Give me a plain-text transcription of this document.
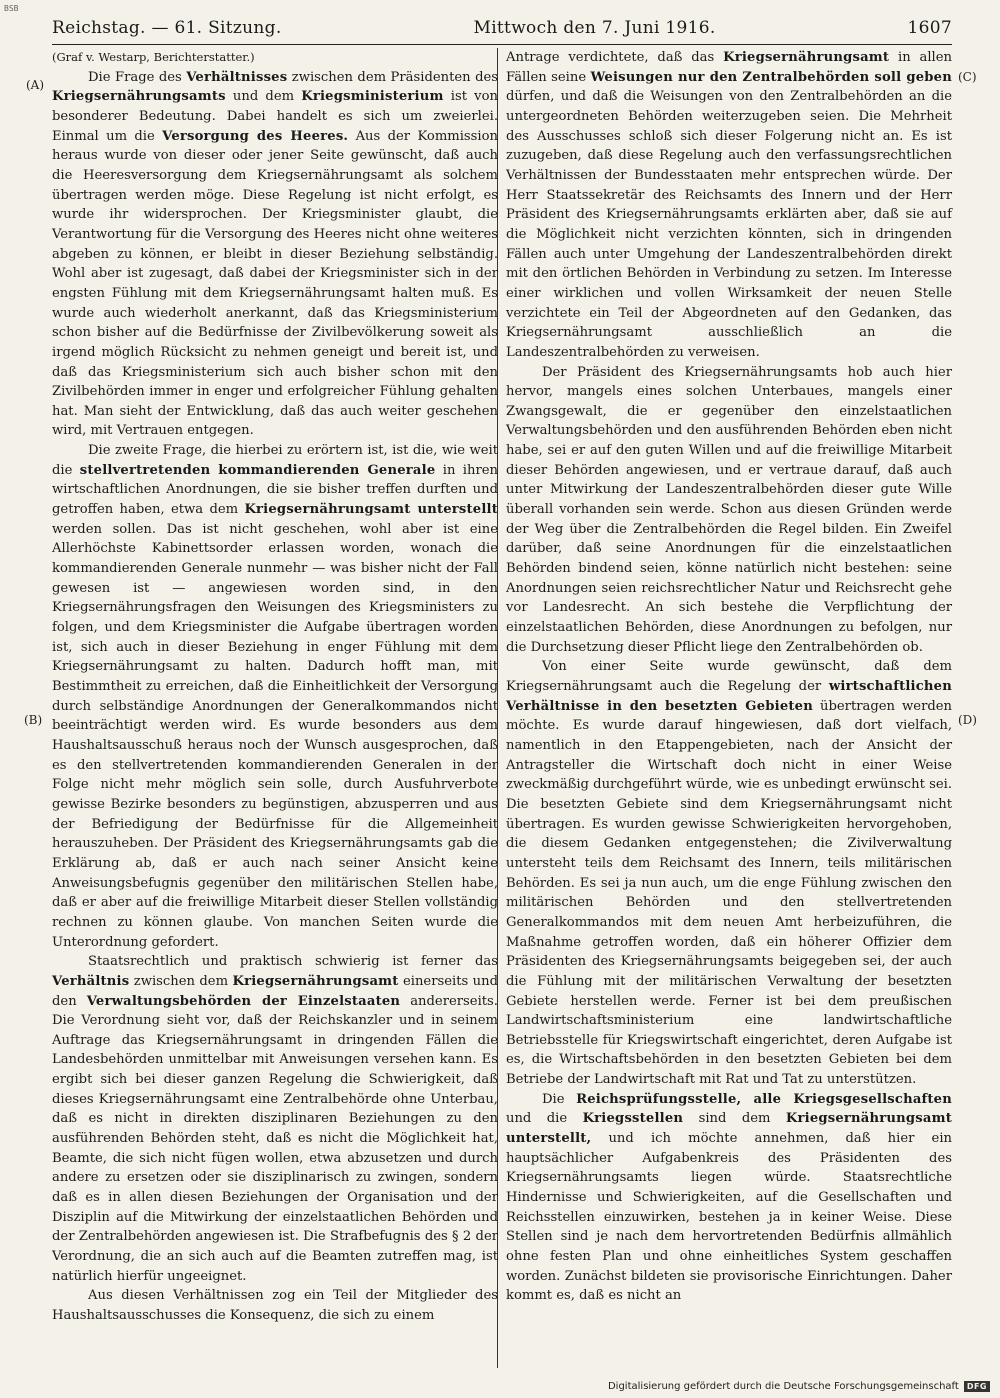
BSB
Reichstag. — 61. Sitzung.	Mittwoch den 7. Juni 1916.	1607
(A)
(B)
(C)
(D)

(Graf v. Westarp, Berichterstatter.)

Die Frage des Verhältnisses zwischen dem Präsidenten des Kriegsernährungsamts und dem Kriegsministerium ist von besonderer Bedeutung. Dabei handelt es sich um zweierlei. Einmal um die Versorgung des Heeres. Aus der Kommission heraus wurde von dieser oder jener Seite gewünscht, daß auch die Heeresversorgung dem Kriegsernährungsamt als solchem übertragen werden möge. Diese Regelung ist nicht erfolgt, es wurde ihr widersprochen. Der Kriegsminister glaubt, die Verantwortung für die Versorgung des Heeres nicht ohne weiteres abgeben zu können, er bleibt in dieser Beziehung selbständig. Wohl aber ist zugesagt, daß dabei der Kriegsminister sich in der engsten Fühlung mit dem Kriegsernährungsamt halten muß. Es wurde auch wiederholt anerkannt, daß das Kriegsministerium schon bisher auf die Bedürfnisse der Zivilbevölkerung soweit als irgend möglich Rücksicht zu nehmen geneigt und bereit ist, und daß das Kriegsministerium sich auch bisher schon mit den Zivilbehörden immer in enger und erfolgreicher Fühlung gehalten hat. Man sieht der Entwicklung, daß das auch weiter geschehen wird, mit Vertrauen entgegen.

Die zweite Frage, die hierbei zu erörtern ist, ist die, wie weit die stellvertretenden kommandierenden Generale in ihren wirtschaftlichen Anordnungen, die sie bisher treffen durften und getroffen haben, etwa dem Kriegsernährungsamt unterstellt werden sollen. Das ist nicht geschehen, wohl aber ist eine Allerhöchste Kabinettsorder erlassen worden, wonach die kommandierenden Generale nunmehr — was bisher nicht der Fall gewesen ist — angewiesen worden sind, in den Kriegsernährungsfragen den Weisungen des Kriegsministers zu folgen, und dem Kriegsminister die Aufgabe übertragen worden ist, sich auch in dieser Beziehung in enger Fühlung mit dem Kriegsernährungsamt zu halten. Dadurch hofft man, mit Bestimmtheit zu erreichen, daß die Einheitlichkeit der Versorgung durch selbständige Anordnungen der Generalkommandos nicht beeinträchtigt werden wird. Es wurde besonders aus dem Haushaltsausschuß heraus noch der Wunsch ausgesprochen, daß es den stellvertretenden kommandierenden Generalen in der Folge nicht mehr möglich sein solle, durch Ausfuhrverbote gewisse Bezirke besonders zu begünstigen, abzusperren und aus der Befriedigung der Bedürfnisse für die Allgemeinheit herauszuheben. Der Präsident des Kriegsernährungsamts gab die Erklärung ab, daß er auch nach seiner Ansicht keine Anweisungsbefugnis gegenüber den militärischen Stellen habe, daß er aber auf die freiwillige Mitarbeit dieser Stellen vollständig rechnen zu können glaube. Von manchen Seiten wurde die Unterordnung gefordert.

Staatsrechtlich und praktisch schwierig ist ferner das Verhältnis zwischen dem Kriegsernährungsamt einerseits und den Verwaltungsbehörden der Einzelstaaten andererseits. Die Verordnung sieht vor, daß der Reichskanzler und in seinem Auftrage das Kriegsernährungsamt in dringenden Fällen die Landesbehörden unmittelbar mit Anweisungen versehen kann. Es ergibt sich bei dieser ganzen Regelung die Schwierigkeit, daß dieses Kriegsernährungsamt eine Zentralbehörde ohne Unterbau, daß es nicht in direkten disziplinaren Beziehungen zu den ausführenden Behörden steht, daß es nicht die Möglichkeit hat, Beamte, die sich nicht fügen wollen, etwa abzusetzen und durch andere zu ersetzen oder sie disziplinarisch zu zwingen, sondern daß es in allen diesen Beziehungen der Organisation und der Disziplin auf die Mitwirkung der einzelstaatlichen Behörden und der Zentralbehörden angewiesen ist. Die Strafbefugnis des § 2 der Verordnung, die an sich auch auf die Beamten zutreffen mag, ist natürlich hierfür ungeeignet.

Aus diesen Verhältnissen zog ein Teil der Mitglieder des Haushaltsausschusses die Konsequenz, die sich zu einem

Antrage verdichtete, daß das Kriegsernährungsamt in allen Fällen seine Weisungen nur den Zentralbehörden soll geben dürfen, und daß die Weisungen von den Zentralbehörden an die untergeordneten Behörden weiterzugeben seien. Die Mehrheit des Ausschusses schloß sich dieser Folgerung nicht an. Es ist zuzugeben, daß diese Regelung auch den verfassungsrechtlichen Verhältnissen der Bundesstaaten mehr entsprechen würde. Der Herr Staatssekretär des Reichsamts des Innern und der Herr Präsident des Kriegsernährungsamts erklärten aber, daß sie auf die Möglichkeit nicht verzichten könnten, sich in dringenden Fällen auch unter Umgehung der Landeszentralbehörden direkt mit den örtlichen Behörden in Verbindung zu setzen. Im Interesse einer wirklichen und vollen Wirksamkeit der neuen Stelle verzichtete ein Teil der Abgeordneten auf den Gedanken, das Kriegsernährungsamt ausschließlich an die Landeszentralbehörden zu verweisen.

Der Präsident des Kriegsernährungsamts hob auch hier hervor, mangels eines solchen Unterbaues, mangels einer Zwangsgewalt, die er gegenüber den einzelstaatlichen Verwaltungsbehörden und den ausführenden Behörden eben nicht habe, sei er auf den guten Willen und auf die freiwillige Mitarbeit dieser Behörden angewiesen, und er vertraue darauf, daß auch unter Mitwirkung der Landeszentralbehörden dieser gute Wille überall vorhanden sein werde. Schon aus diesen Gründen werde der Weg über die Zentralbehörden die Regel bilden. Ein Zweifel darüber, daß seine Anordnungen für die einzelstaatlichen Behörden bindend seien, könne natürlich nicht bestehen: seine Anordnungen seien reichsrechtlicher Natur und Reichsrecht gehe vor Landesrecht. An sich bestehe die Verpflichtung der einzelstaatlichen Behörden, diese Anordnungen zu befolgen, nur die Durchsetzung dieser Pflicht liege den Zentralbehörden ob.

Von einer Seite wurde gewünscht, daß dem Kriegsernährungsamt auch die Regelung der wirtschaftlichen Verhältnisse in den besetzten Gebieten übertragen werden möchte. Es wurde darauf hingewiesen, daß dort vielfach, namentlich in den Etappengebieten, nach der Ansicht der Antragsteller die Wirtschaft doch nicht in einer Weise zweckmäßig durchgeführt würde, wie es unbedingt erwünscht sei. Die besetzten Gebiete sind dem Kriegsernährungsamt nicht übertragen. Es wurden gewisse Schwierigkeiten hervorgehoben, die diesem Gedanken entgegenstehen; die Zivilverwaltung untersteht teils dem Reichsamt des Innern, teils militärischen Behörden. Es sei ja nun auch, um die enge Fühlung zwischen den militärischen Behörden und den stellvertretenden Generalkommandos mit dem neuen Amt herbeizuführen, die Maßnahme getroffen worden, daß ein höherer Offizier dem Präsidenten des Kriegsernährungsamts beigegeben sei, der auch die Fühlung mit der militärischen Verwaltung der besetzten Gebiete herstellen werde. Ferner ist bei dem preußischen Landwirtschaftsministerium eine landwirtschaftliche Betriebsstelle für Kriegswirtschaft eingerichtet, deren Aufgabe ist es, die Wirtschaftsbehörden in den besetzten Gebieten bei dem Betriebe der Landwirtschaft mit Rat und Tat zu unterstützen.

Die Reichsprüfungsstelle, alle Kriegsgesellschaften und die Kriegsstellen sind dem Kriegsernährungsamt unterstellt, und ich möchte annehmen, daß hier ein hauptsächlicher Aufgabenkreis des Präsidenten des Kriegsernährungsamts liegen würde. Staatsrechtliche Hindernisse und Schwierigkeiten, auf die Gesellschaften und Reichsstellen einzuwirken, bestehen ja in keiner Weise. Diese Stellen sind je nach dem hervortretenden Bedürfnis allmählich ohne festen Plan und ohne einheitliches System geschaffen worden. Zunächst bildeten sie provisorische Einrichtungen. Daher kommt es, daß es nicht an

Digitalisierung gefördert durch die Deutsche Forschungsgemeinschaft	DFG
